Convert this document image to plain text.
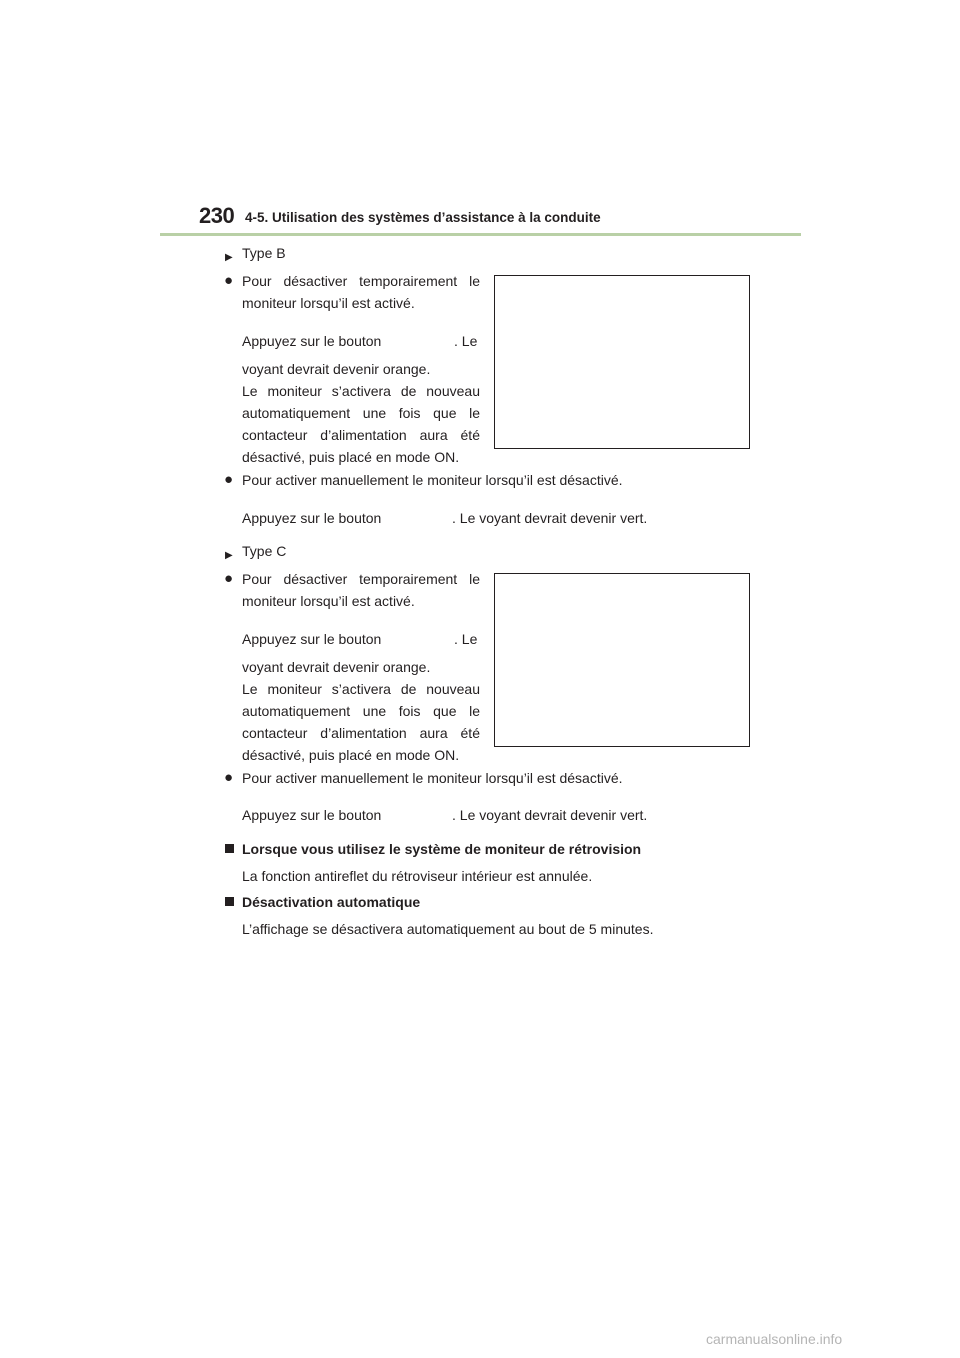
230 4-5. Utilisation des systèmes d’assistance à la conduite
▶ Type B
● Pour désactiver temporairement le
moniteur lorsqu’il est activé.
Appuyez sur le bouton	. Le
voyant devrait devenir orange.
Le moniteur s’activera de nouveau
automatiquement une fois que le
contacteur d’alimentation aura été
désactivé, puis placé en mode ON.
● Pour activer manuellement le moniteur lorsqu’il est désactivé.
Appuyez sur le bouton	. Le voyant devrait devenir vert.
▶ Type C
● Pour désactiver temporairement le
moniteur lorsqu’il est activé.
Appuyez sur le bouton	. Le
voyant devrait devenir orange.
Le moniteur s’activera de nouveau
automatiquement une fois que le
contacteur d’alimentation aura été
désactivé, puis placé en mode ON.
● Pour activer manuellement le moniteur lorsqu’il est désactivé.
Appuyez sur le bouton	. Le voyant devrait devenir vert.
Lorsque vous utilisez le système de moniteur de rétrovision
La fonction antireflet du rétroviseur intérieur est annulée.
Désactivation automatique
L’affichage se désactivera automatiquement au bout de 5 minutes.
carmanualsonline.info
